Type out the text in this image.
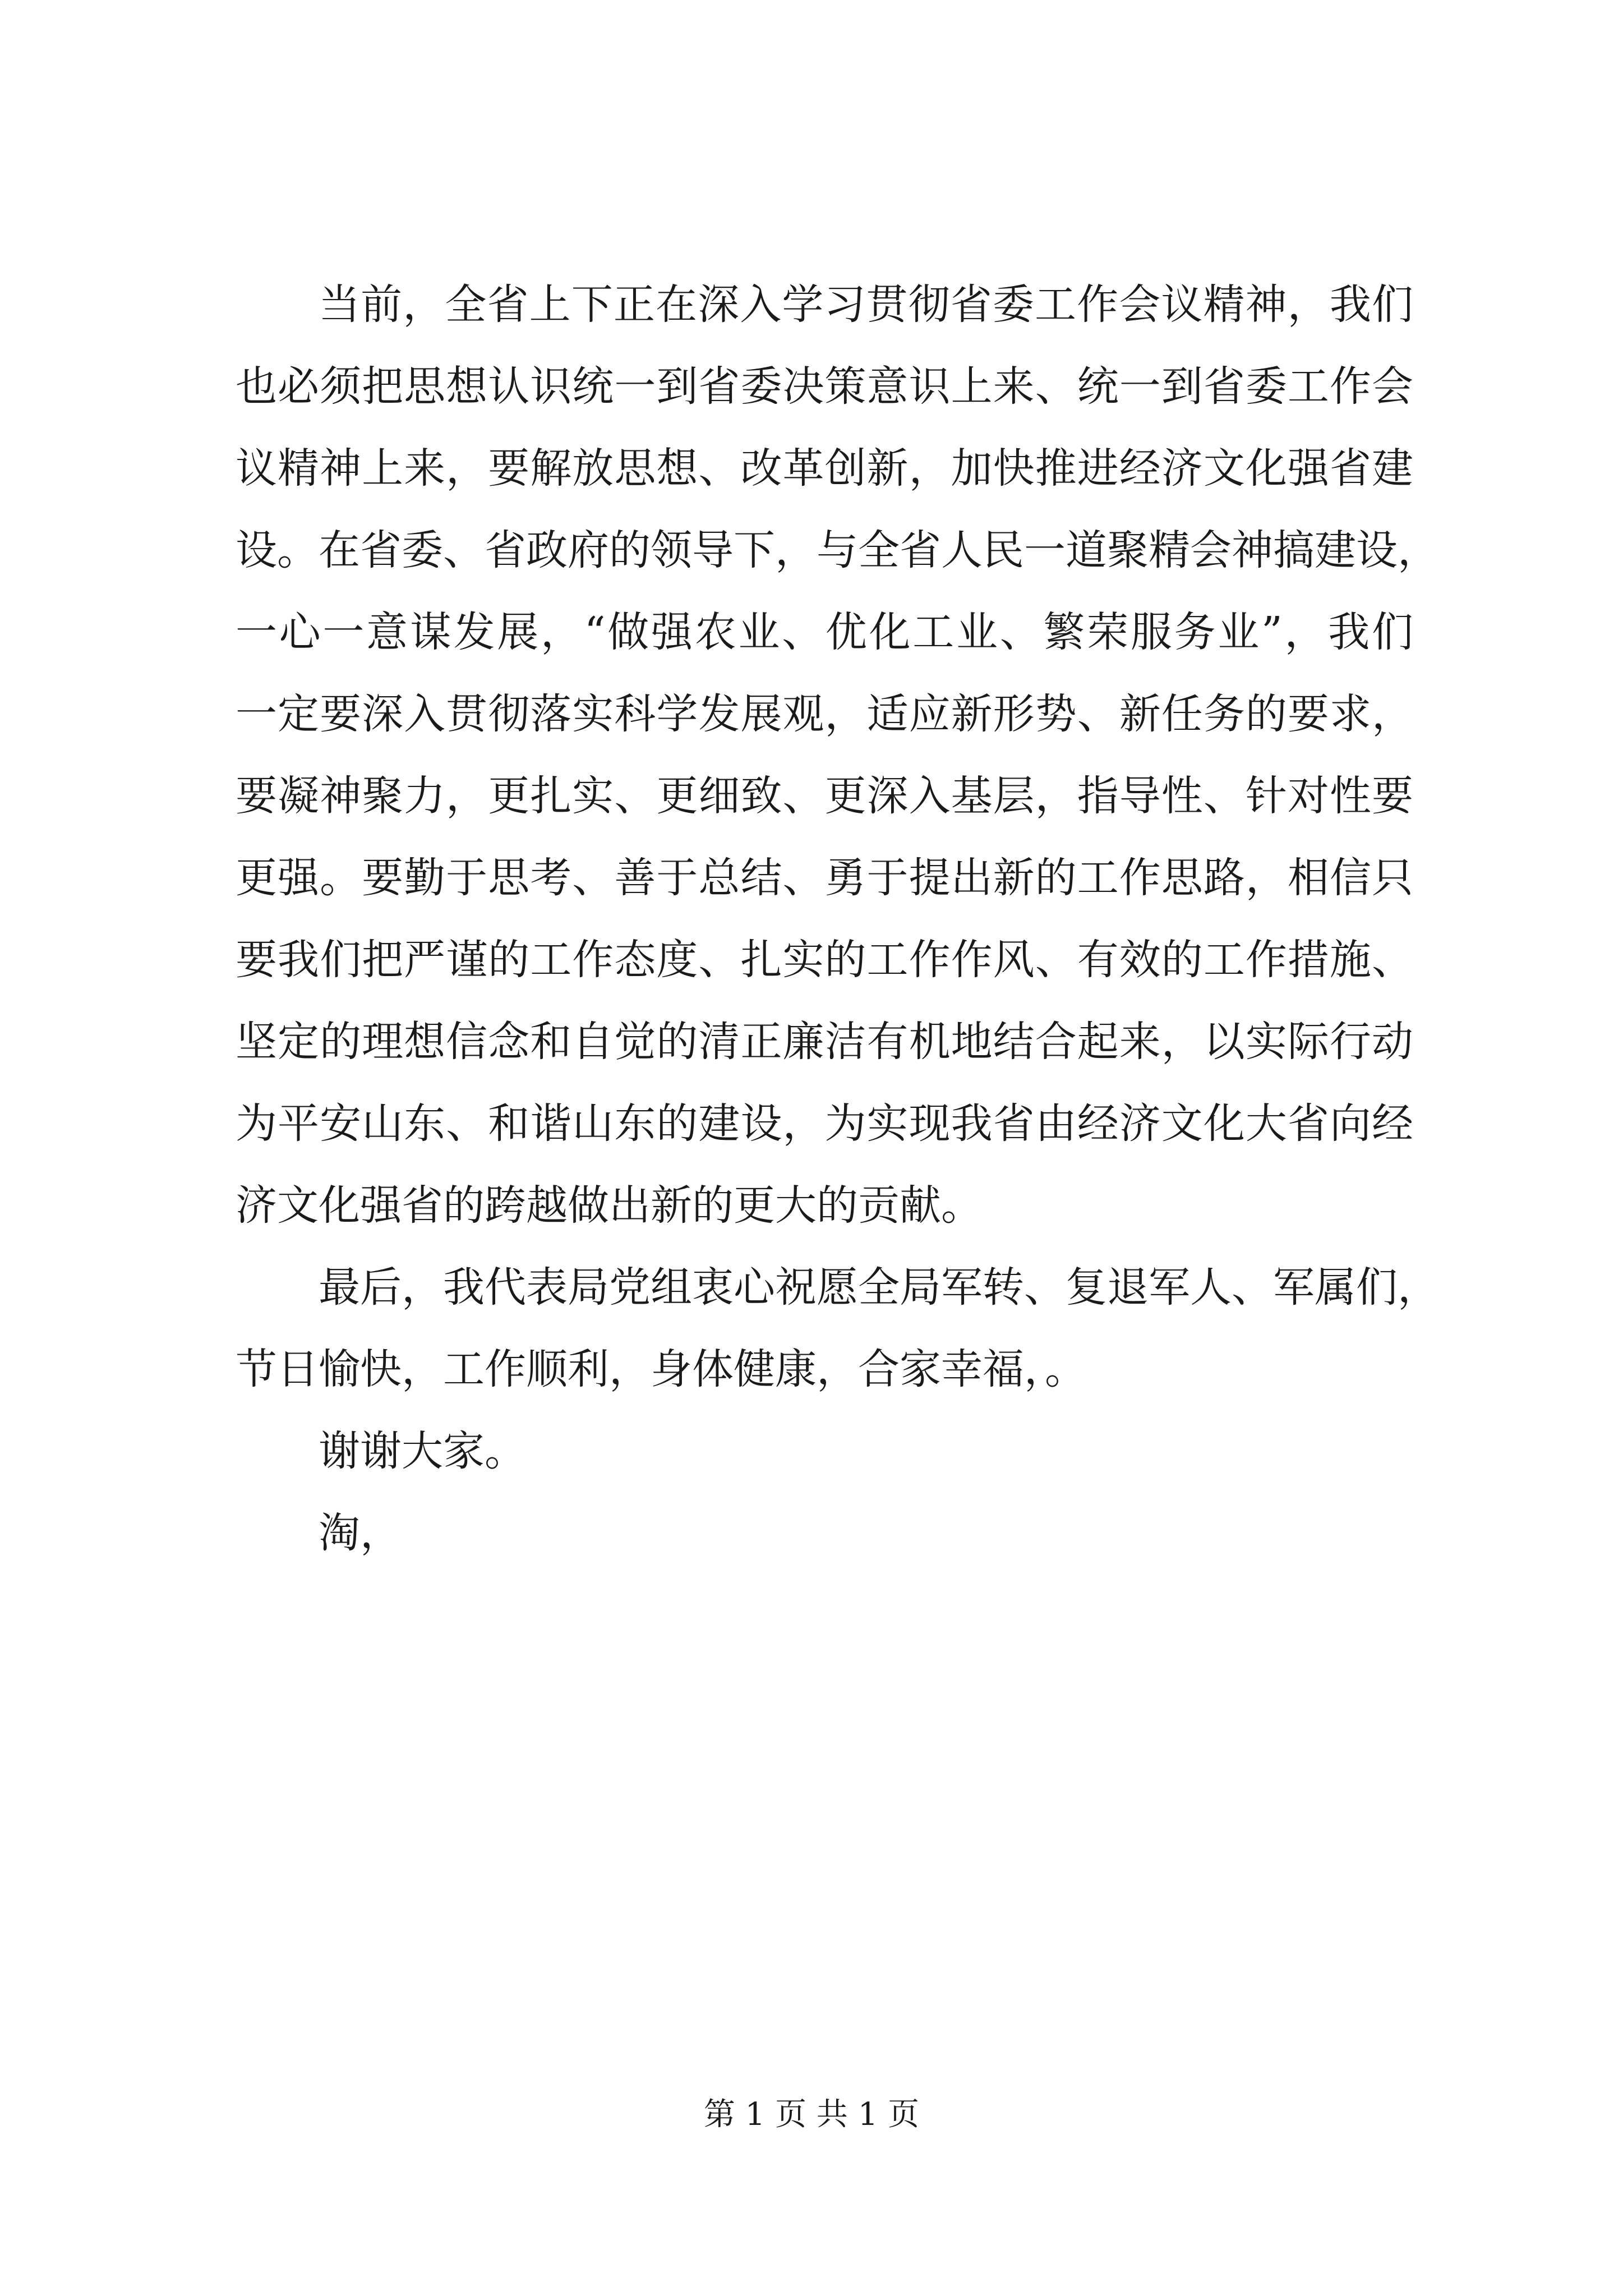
当前，全省上下正在深入学习贯彻省委工作会议精神，我们
也必须把思想认识统一到省委决策意识上来、统一到省委工作会
议精神上来，要解放思想、改革创新，加快推进经济文化强省建
设。在省委、省政府的领导下，与全省人民一道聚精会神搞建设，
一心一意谋发展，“做强农业、优化工业、繁荣服务业”，我们
一定要深入贯彻落实科学发展观，适应新形势、新任务的要求，
要凝神聚力，更扎实、更细致、更深入基层，指导性、针对性要
更强。要勤于思考、善于总结、勇于提出新的工作思路，相信只
要我们把严谨的工作态度、扎实的工作作风、有效的工作措施、
坚定的理想信念和自觉的清正廉洁有机地结合起来，以实际行动
为平安山东、和谐山东的建设，为实现我省由经济文化大省向经
济文化强省的跨越做出新的更大的贡献。
最后，我代表局党组衷心祝愿全局军转、复退军人、军属们，
节日愉快，工作顺利，身体健康，合家幸福，。
谢谢大家。
淘，
第 1 页 共 1 页
